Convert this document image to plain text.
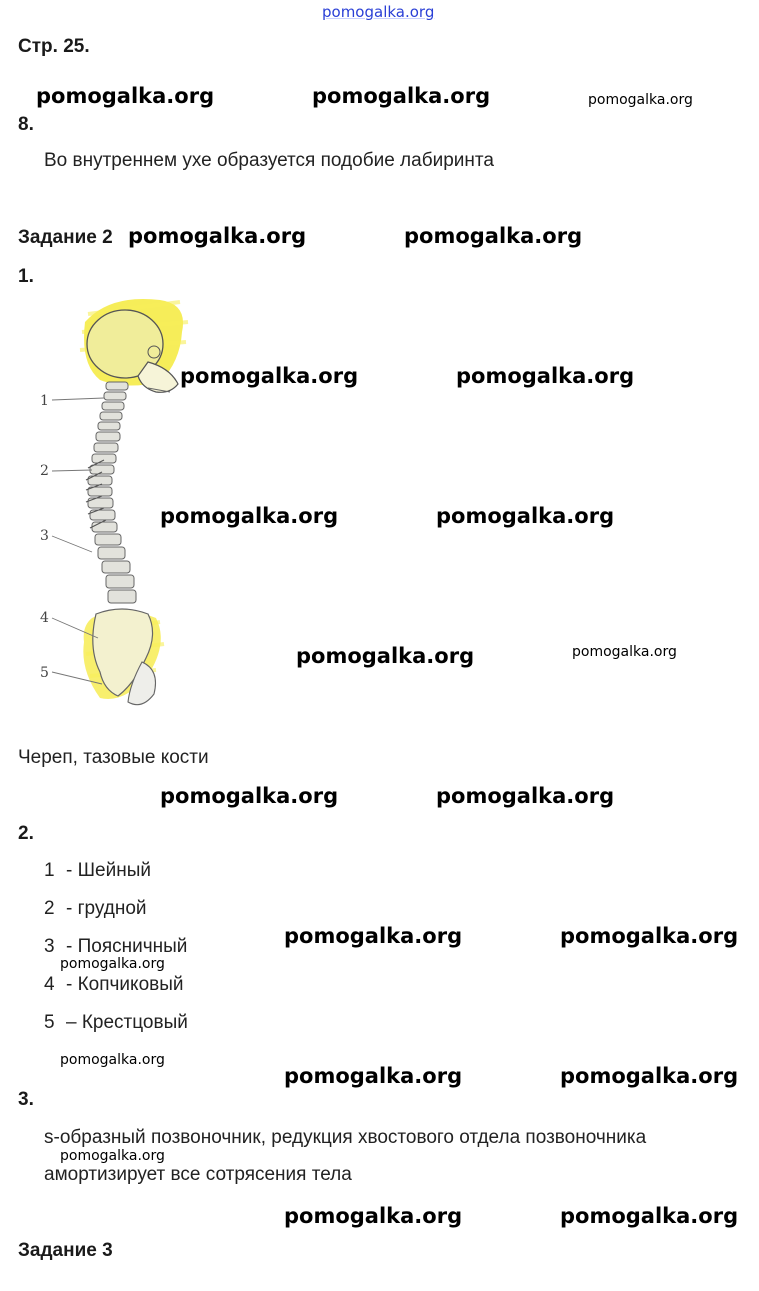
pomogalka.org
Стр. 25.
pomogalka.org	pomogalka.org	pomogalka.org
8.
Во внутреннем ухе образуется подобие лабиринта
Задание 2 pomogalka.org	pomogalka.org
1.
1
2
3
4
5
pomogalka.org	pomogalka.org
pomogalka.org	pomogalka.org
pomogalka.org	pomogalka.org
Череп, тазовые кости
pomogalka.org	pomogalka.org
2.
1 - Шейный
2 - грудной
3 - Поясничный
4 - Копчиковый
5 – Крестцовый
pomogalka.org	pomogalka.org
pomogalka.org
pomogalka.org
pomogalka.org	pomogalka.org
3.
s-образный позвоночник, редукция хвостового отдела позвоночника
pomogalka.org
амортизирует все сотрясения тела
pomogalka.org	pomogalka.org
Задание 3
